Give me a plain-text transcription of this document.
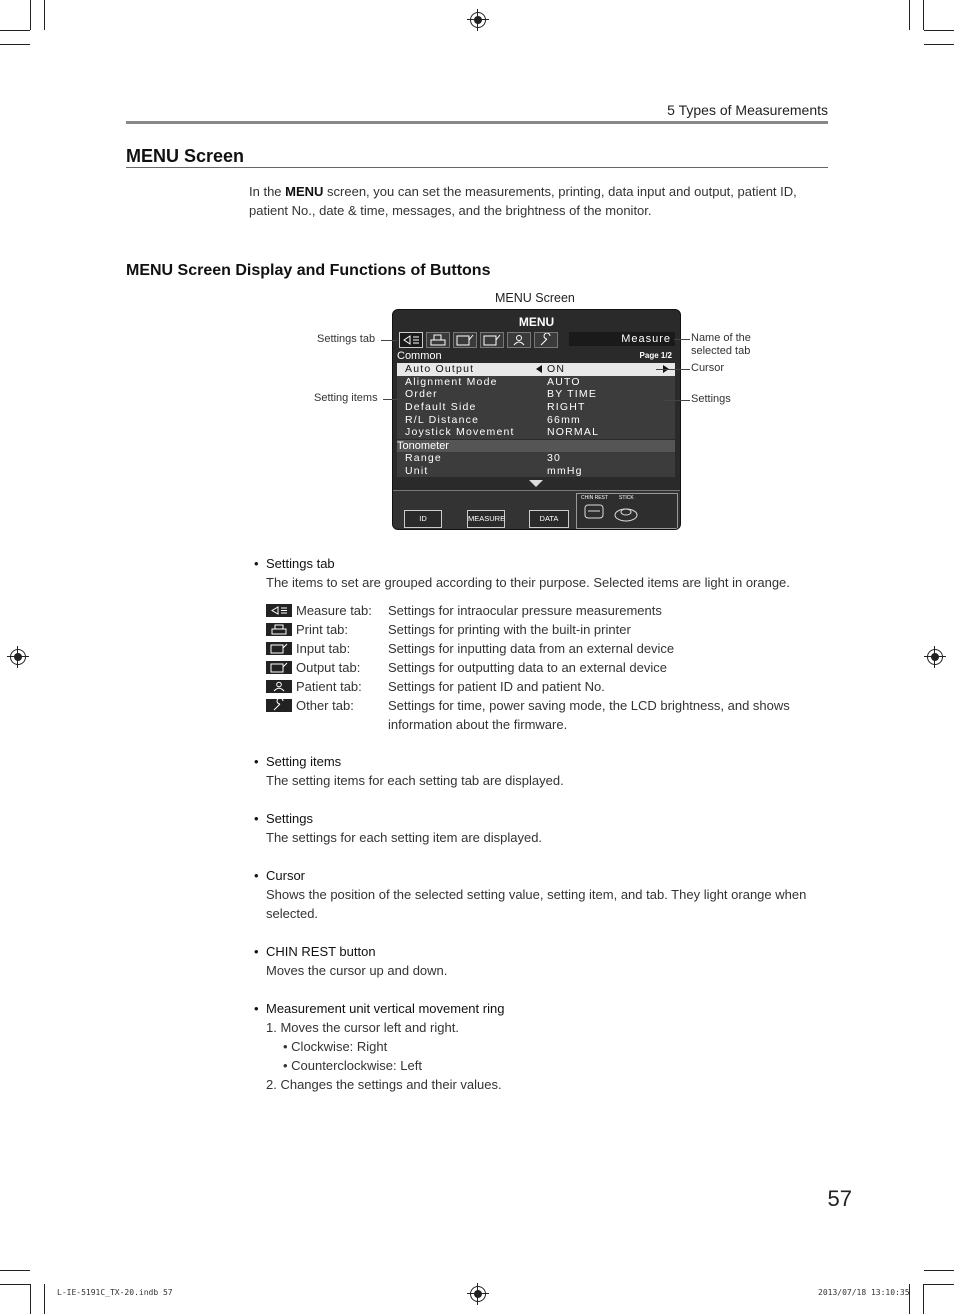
5 Types of Measurements
MENU Screen
In the MENU screen, you can set the measurements, printing, data input and output, patient ID, patient No., date & time, messages, and the brightness of the monitor.
MENU Screen Display and Functions of Buttons
MENU Screen
MENU
Measure
Common	Page 1/2
Auto Output	ON
Alignment Mode	AUTO
Order	BY TIME
Default Side	RIGHT
R/L Distance	66mm
Joystick Movement	NORMAL
Tonometer
Range	30
Unit	mmHg
ID	MEASURE	DATA
CHIN REST STICK
Settings tab
Setting items
Name of the
selected tab
Cursor
Settings
• Settings tab
The items to set are grouped according to their purpose. Selected items are light in orange.
Measure tab: Settings for intraocular pressure measurements
Print tab:	Settings for printing with the built-in printer
Input tab:	Settings for inputting data from an external device
Output tab: Settings for outputting data to an external device
Patient tab: Settings for patient ID and patient No.
Other tab:	Settings for time, power saving mode, the LCD brightness, and shows
information about the firmware.
• Setting items
The setting items for each setting tab are displayed.
• Settings
The settings for each setting item are displayed.
• Cursor
Shows the position of the selected setting value, setting item, and tab. They light orange when
selected.
• CHIN REST button
Moves the cursor up and down.
• Measurement unit vertical movement ring
1. Moves the cursor left and right.
• Clockwise: Right
• Counterclockwise: Left
2. Changes the settings and their values.
57
L-IE-5191C_TX-20.indb 57	2013/07/18 13:10:35
